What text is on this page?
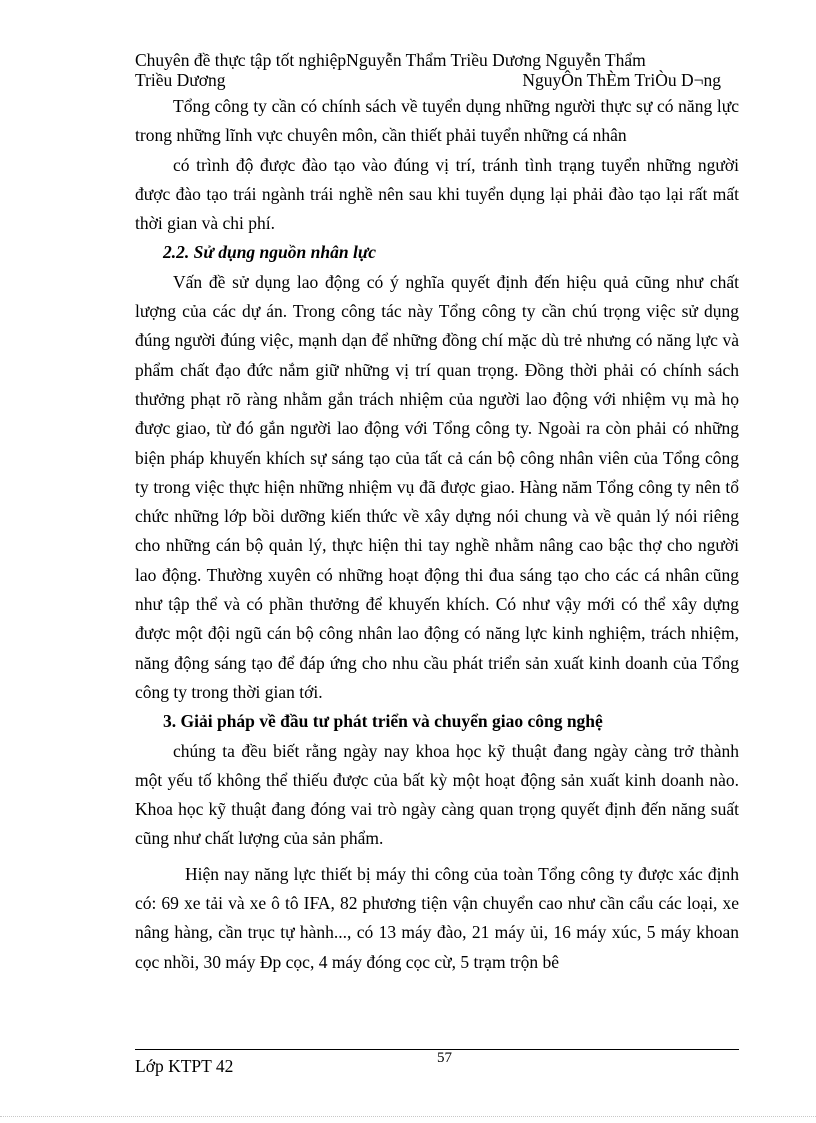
Chuyên đề thực tập tốt nghiệpNguyễn Thẩm Triều Dương Nguyễn Thẩm
Triều Dương	NguyÔn ThÈm TriÒu D¬ng

Tổng công ty cần có chính sách về tuyển dụng những người thực sự có năng lực trong những lĩnh vực chuyên môn, cần thiết phải tuyển những cá nhân

có trình độ được đào tạo vào đúng vị trí, tránh tình trạng tuyển những người được đào tạo trái ngành trái nghề nên sau khi tuyển dụng lại phải đào tạo lại rất mất thời gian và chi phí.

2.2. Sử dụng nguồn nhân lực

Vấn đề sử dụng lao động có ý nghĩa quyết định đến hiệu quả cũng như chất lượng của các dự án. Trong công tác này Tổng công ty cần chú trọng việc sử dụng đúng người đúng việc, mạnh dạn để những đồng chí mặc dù trẻ nhưng có năng lực và phẩm chất đạo đức nắm giữ những vị trí quan trọng. Đồng thời phải có chính sách thưởng phạt rõ ràng nhằm gắn trách nhiệm của người lao động với nhiệm vụ mà họ được giao, từ đó gắn người lao động với Tổng công ty. Ngoài ra còn phải có những biện pháp khuyến khích sự sáng tạo của tất cả cán bộ công nhân viên của Tổng công ty trong việc thực hiện những nhiệm vụ đã được giao. Hàng năm Tổng công ty nên tổ chức những lớp bồi dưỡng kiến thức về xây dựng nói chung và về quản lý nói riêng cho những cán bộ quản lý, thực hiện thi tay nghề nhằm nâng cao bậc thợ cho người lao động. Thường xuyên có những hoạt động thi đua sáng tạo cho các cá nhân cũng như tập thể và có phần thưởng để khuyến khích. Có như vậy mới có thể xây dựng được một đội ngũ cán bộ công nhân lao động có năng lực kinh nghiệm, trách nhiệm, năng động sáng tạo để đáp ứng cho nhu cầu phát triển sản xuất kinh doanh của Tổng công ty trong thời gian tới.

3. Giải pháp về đầu tư phát triển và chuyển giao công nghệ

chúng ta đều biết rằng ngày nay khoa học kỹ thuật đang ngày càng trở thành một yếu tố không thể thiếu được của bất kỳ một hoạt động sản xuất kinh doanh nào. Khoa học kỹ thuật đang đóng vai trò ngày càng quan trọng quyết định đến năng suất cũng như chất lượng của sản phẩm.

Hiện nay năng lực thiết bị máy thi công của toàn Tổng công ty được xác định có: 69 xe tải và xe ô tô IFA, 82 phương tiện vận chuyển cao như cần cẩu các loại, xe nâng hàng, cần trục tự hành..., có 13 máy đào, 21 máy ủi, 16 máy xúc, 5 máy khoan cọc nhồi, 30 máy Ðp cọc, 4 máy đóng cọc cừ, 5 trạm trộn bê

Lớp KTPT 42	57
